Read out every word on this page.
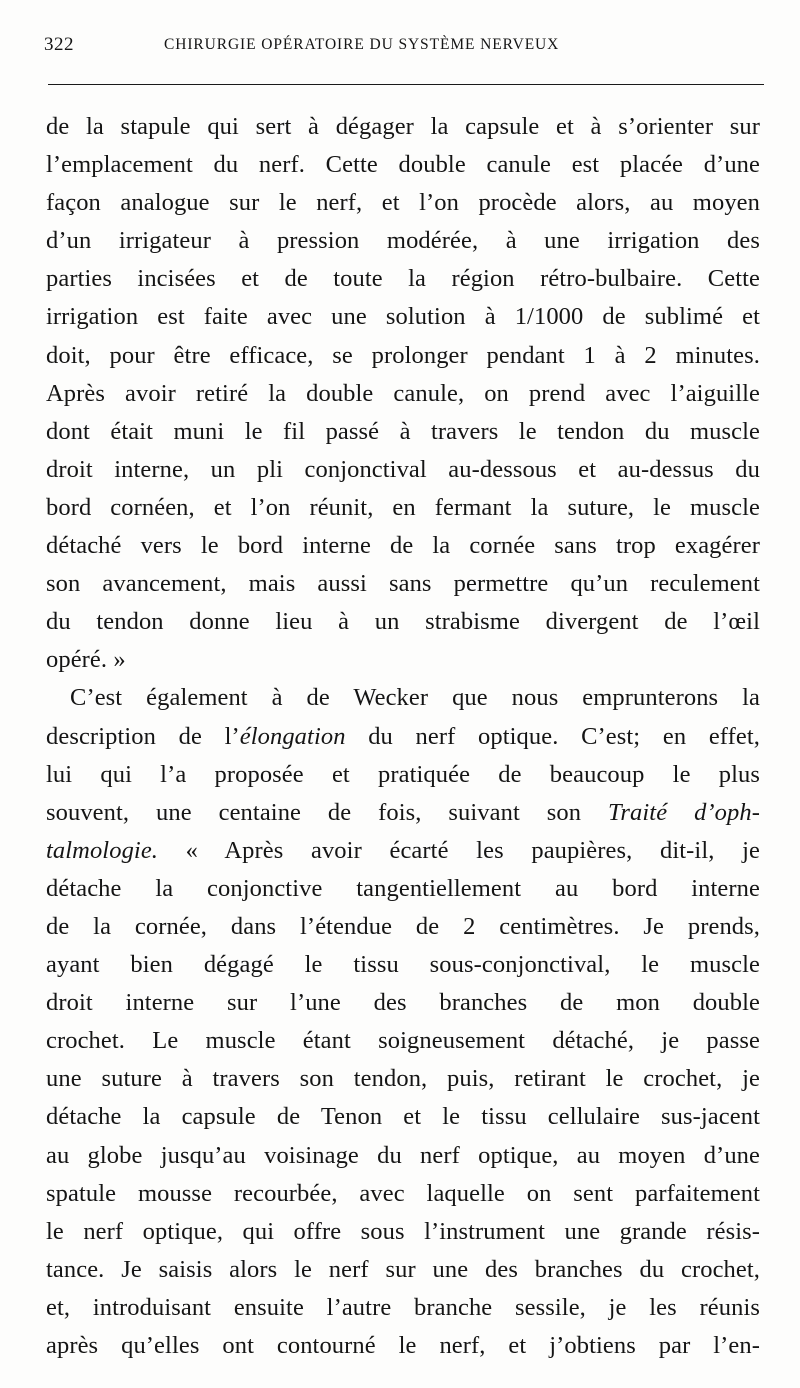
322	CHIRURGIE OPÉRATOIRE DU SYSTÈME NERVEUX
de la stapule qui sert à dégager la capsule et à s’orienter sur
l’emplacement du nerf. Cette double canule est placée d’une
façon analogue sur le nerf, et l’on procède alors, au moyen
d’un irrigateur à pression modérée, à une irrigation des
parties incisées et de toute la région rétro-bulbaire. Cette
irrigation est faite avec une solution à 1/1000 de sublimé et
doit, pour être efficace, se prolonger pendant 1 à 2 minutes.
Après avoir retiré la double canule, on prend avec l’aiguille
dont était muni le fil passé à travers le tendon du muscle
droit interne, un pli conjonctival au-dessous et au-dessus du
bord cornéen, et l’on réunit, en fermant la suture, le muscle
détaché vers le bord interne de la cornée sans trop exagérer
son avancement, mais aussi sans permettre qu’un reculement
du tendon donne lieu à un strabisme divergent de l’œil
opéré. »
C’est également à de Wecker que nous emprunterons la
description de l’élongation du nerf optique. C’est; en effet,
lui qui l’a proposée et pratiquée de beaucoup le plus
souvent, une centaine de fois, suivant son Traité d’oph-
talmologie. « Après avoir écarté les paupières, dit-il, je
détache la conjonctive tangentiellement au bord interne
de la cornée, dans l’étendue de 2 centimètres. Je prends,
ayant bien dégagé le tissu sous-conjonctival, le muscle
droit interne sur l’une des branches de mon double
crochet. Le muscle étant soigneusement détaché, je passe
une suture à travers son tendon, puis, retirant le crochet, je
détache la capsule de Tenon et le tissu cellulaire sus-jacent
au globe jusqu’au voisinage du nerf optique, au moyen d’une
spatule mousse recourbée, avec laquelle on sent parfaitement
le nerf optique, qui offre sous l’instrument une grande résis-
tance. Je saisis alors le nerf sur une des branches du crochet,
et, introduisant ensuite l’autre branche sessile, je les réunis
après qu’elles ont contourné le nerf, et j’obtiens par l’en-
